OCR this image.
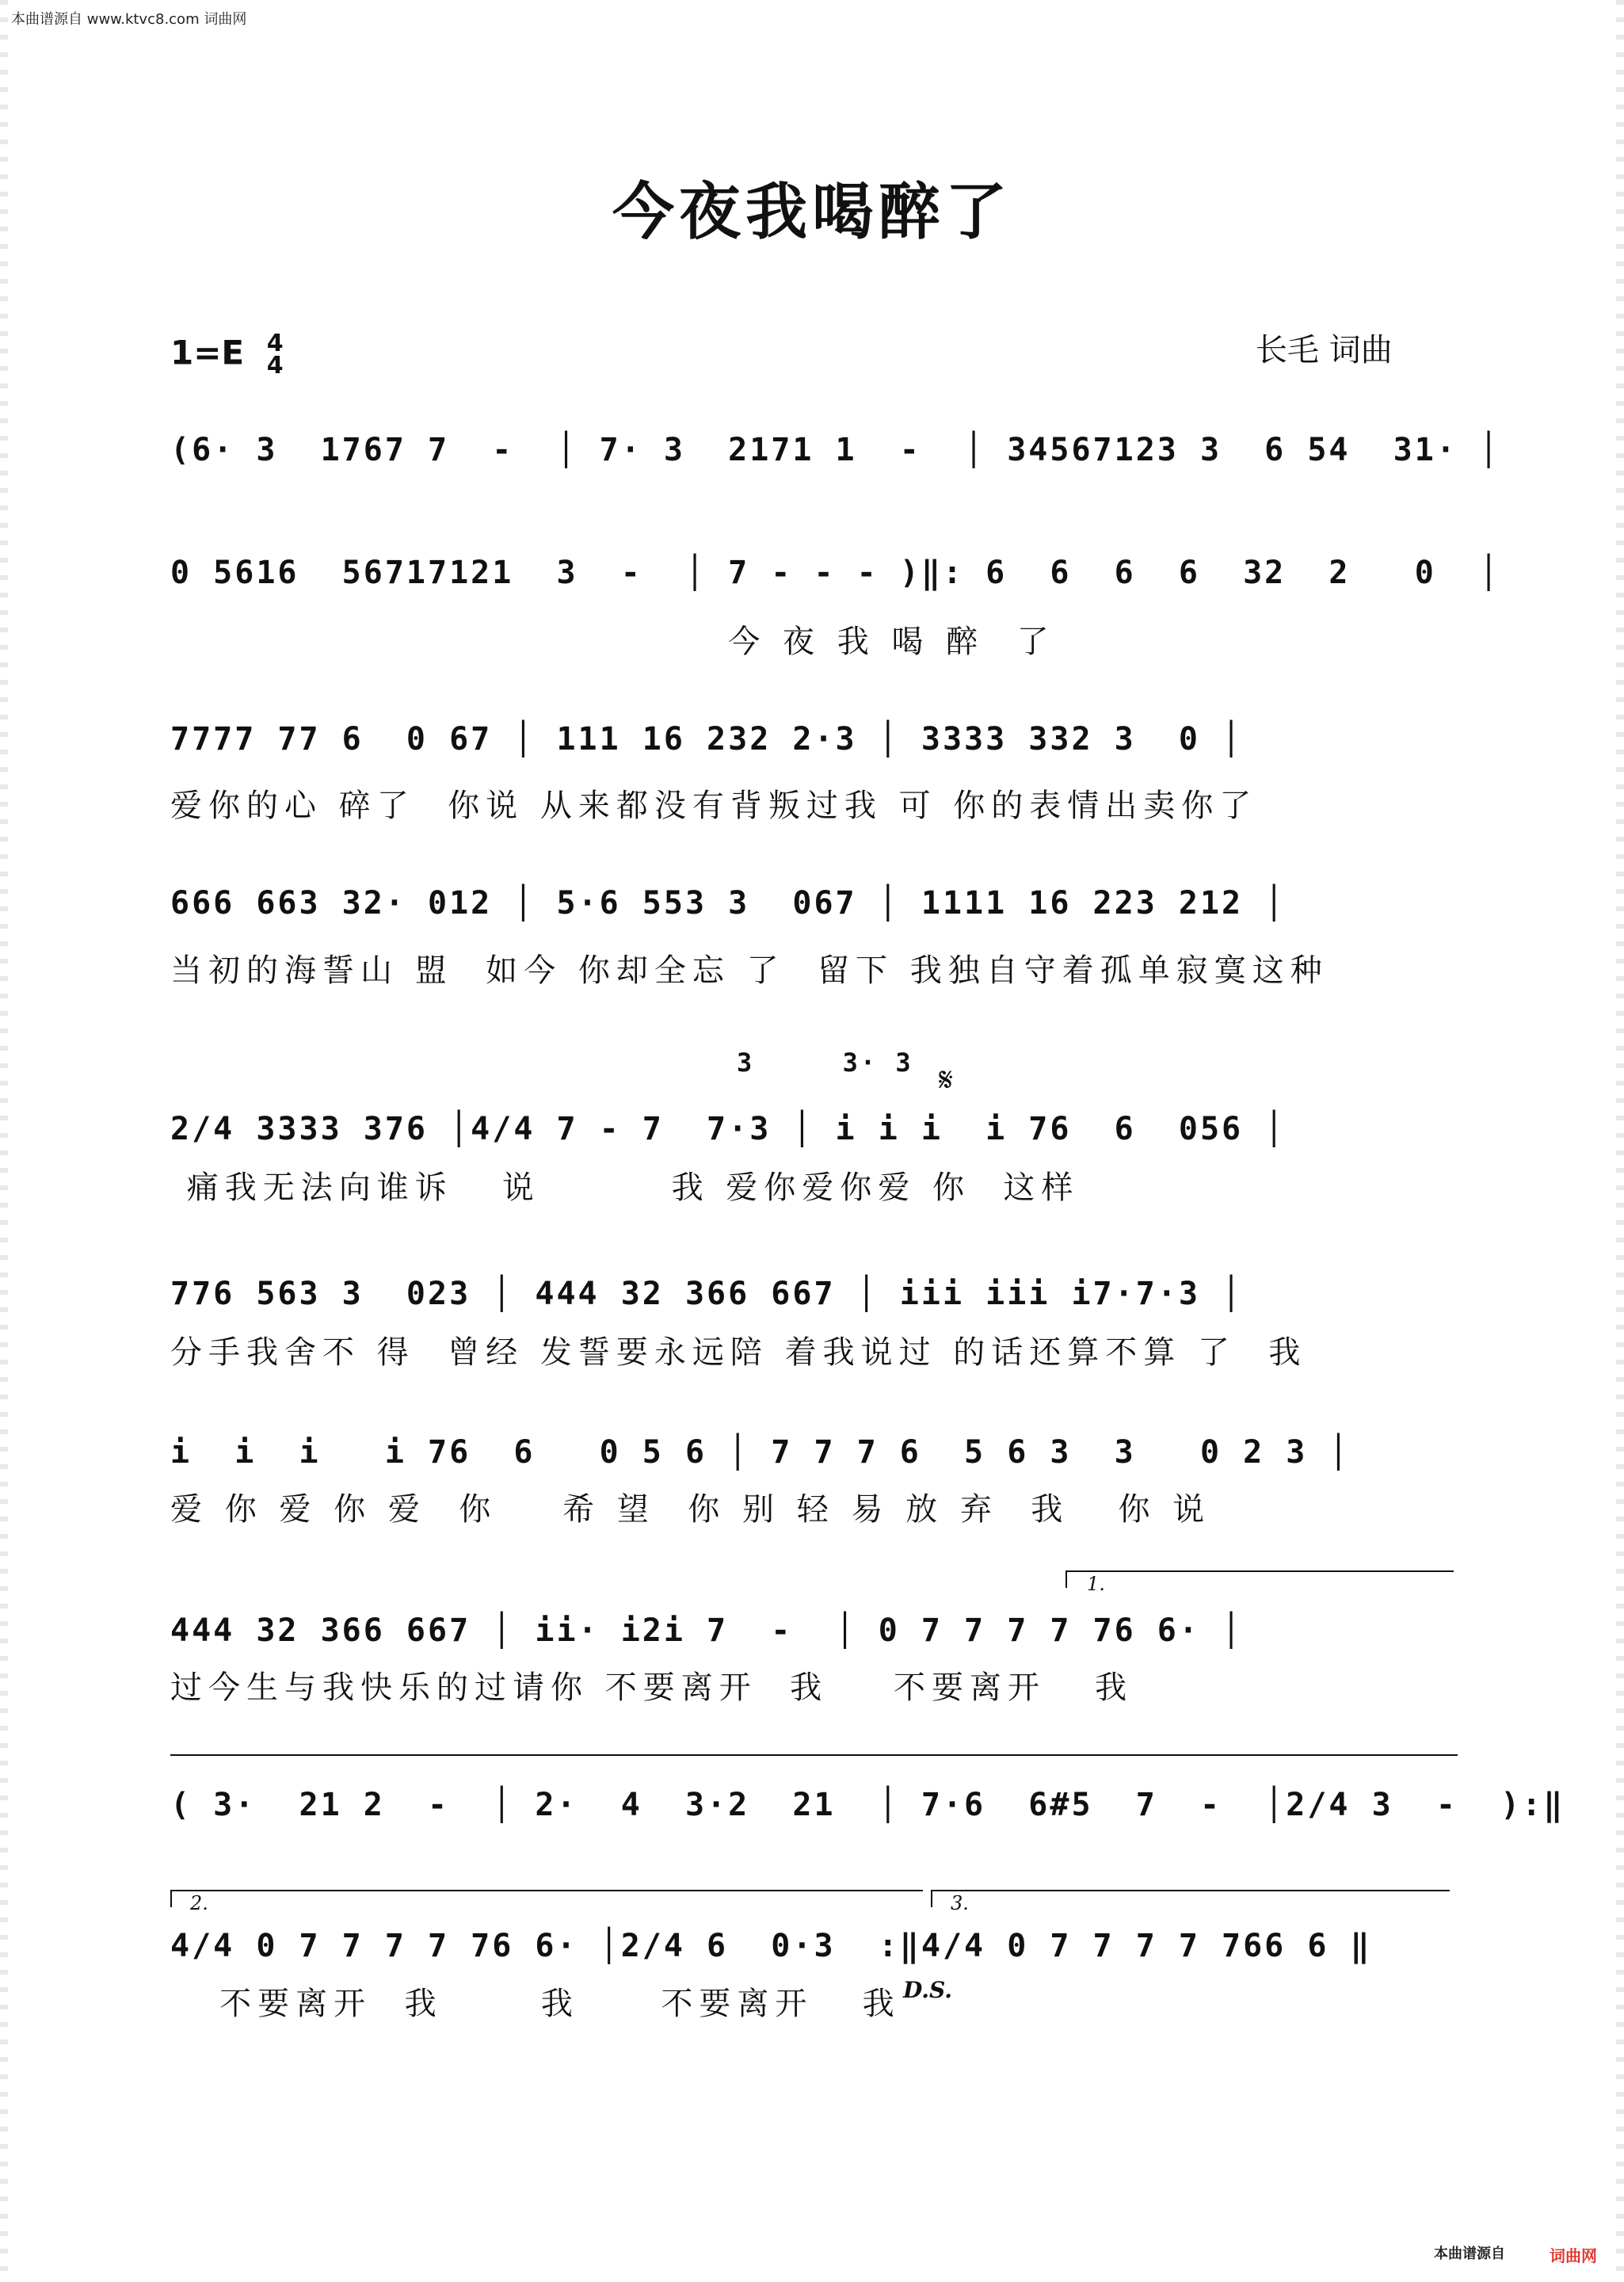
本曲谱源自 www.ktvc8.com 词曲网
今夜我喝醉了
1=E 4
4	长毛 词曲
(6· 3  1767 7  -  │ 7· 3  2171 1  -  │ 34567123 3  6 54  31· │
0 5616  56717121  3  -  │ 7 - - - )‖: 6  6  6  6  32  2   0  │
今 夜 我 喝 醉  了
7777 77 6  0 67 │ 111 16 232 2·3 │ 3333 332 3  0 │
爱你的心 碎了  你说 从来都没有背叛过我 可 你的表情出卖你了
666 663 32· 012 │ 5·6 553 3  067 │ 1111 16 223 212 │
当初的海誓山 盟  如今 你却全忘 了  留下 我独自守着孤单寂寞这种
3     3· 3 𝄋
2/4 3333 376 │4/4 7 - 7  7·3 │ i i i  i 76  6  056 │
痛我无法向谁诉   说        我 爱你爱你爱 你  这样
776 563 3  023 │ 444 32 366 667 │ iii iii i7·7·3 │
分手我舍不 得  曾经 发誓要永远陪 着我说过 的话还算不算 了  我
i  i  i   i 76  6   0 5 6 │ 7 7 7 6  5 6 3  3   0 2 3 │
爱 你 爱 你 爱  你    希 望  你 别 轻 易 放 弃  我   你 说
1.
444 32 366 667 │ ii· i2i 7  -  │ 0 7 7 7 7 76 6· │
过今生与我快乐的过请你 不要离开  我    不要离开   我
( 3·  21 2  -  │ 2·  4  3·2  21  │ 7·6  6#5  7  -  │2/4 3  -  ):‖
2.	3.
4/4 0 7 7 7 7 76 6· │2/4 6  0·3  :‖4/4 0 7 7 7 7 766 6 ‖
不要离开  我      我     不要离开   我 D.S.
本曲谱源自	词曲网
